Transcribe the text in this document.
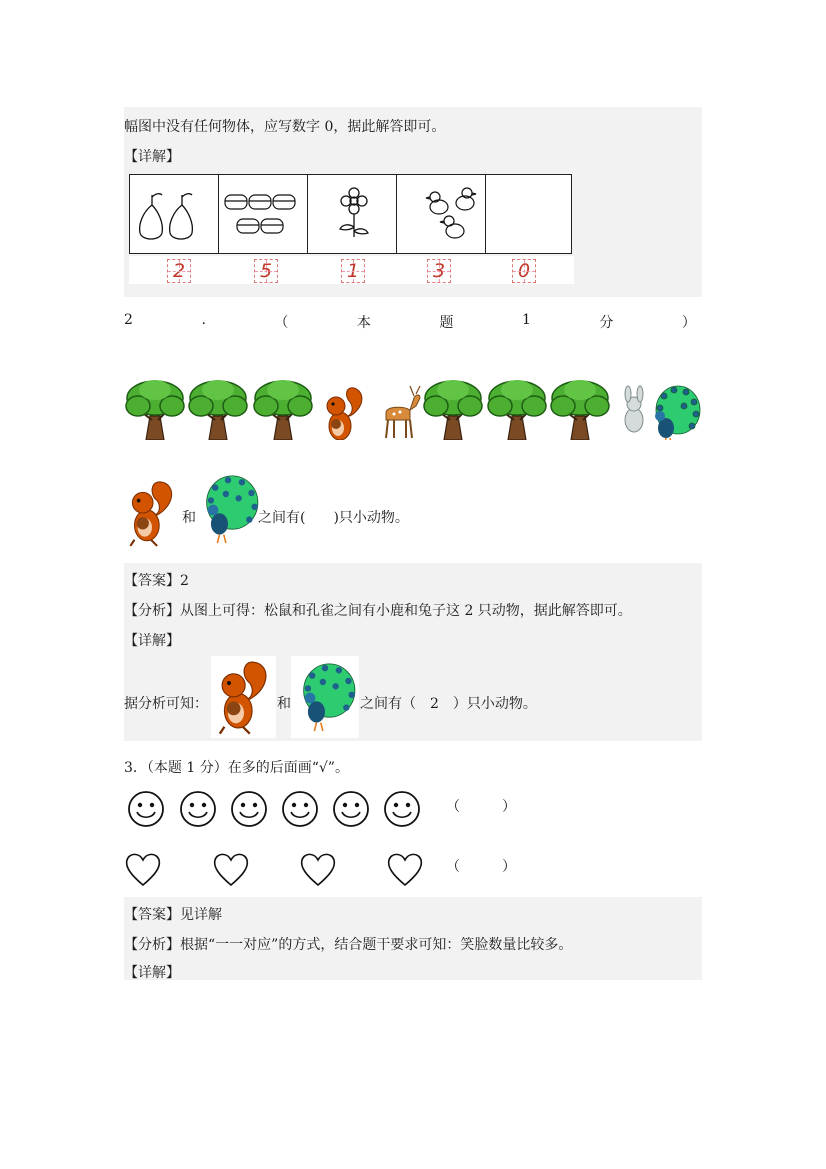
幅图中没有任何物体，应写数字 0，据此解答即可。
【详解】
2	5	1	3	0
2	.	（	本	题	1	分	）
和	之间有(　　)只小动物。
【答案】2
【分析】从图上可得：松鼠和孔雀之间有小鹿和兔子这 2 只动物，据此解答即可。
【详解】
据分析可知：	和	之间有（　2　）只小动物。
3．（本题 1 分）在多的后面画“√”。
（　　　）
（　　　）
【答案】见详解
【分析】根据“一一对应”的方式，结合题干要求可知：笑脸数量比较多。
【详解】
